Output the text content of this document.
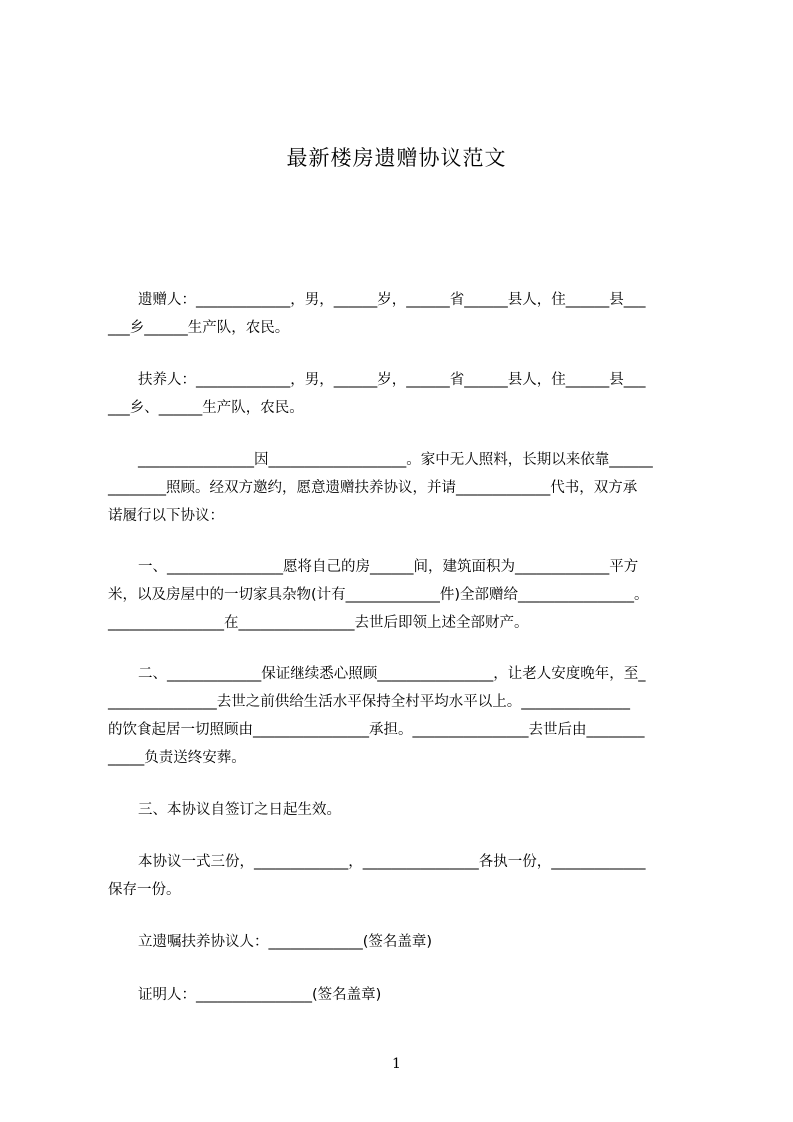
最新楼房遗赠协议范文
遗赠人：_____________，男，______岁，______省______县人，住______县___
___乡______生产队，农民。
扶养人：_____________，男，______岁，______省______县人，住______县___
___乡、______生产队，农民。
________________因___________________。家中无人照料，长期以来依靠______
________照顾。经双方邀约，愿意遗赠扶养协议，并请_____________代书，双方承
诺履行以下协议：
一、________________愿将自己的房______间，建筑面积为_____________平方
米，以及房屋中的一切家具杂物(计有_____________件)全部赠给________________。
________________在________________去世后即领上述全部财产。
二、_____________保证继续悉心照顾________________，让老人安度晚年，至_
_______________去世之前供给生活水平保持全村平均水平以上。_______________
的饮食起居一切照顾由________________承担。________________去世后由________
_____负责送终安葬。
三、本协议自签订之日起生效。
本协议一式三份，_____________，________________各执一份，_____________
保存一份。
立遗嘱扶养协议人：_____________(签名盖章)
证明人：________________(签名盖章)
1
